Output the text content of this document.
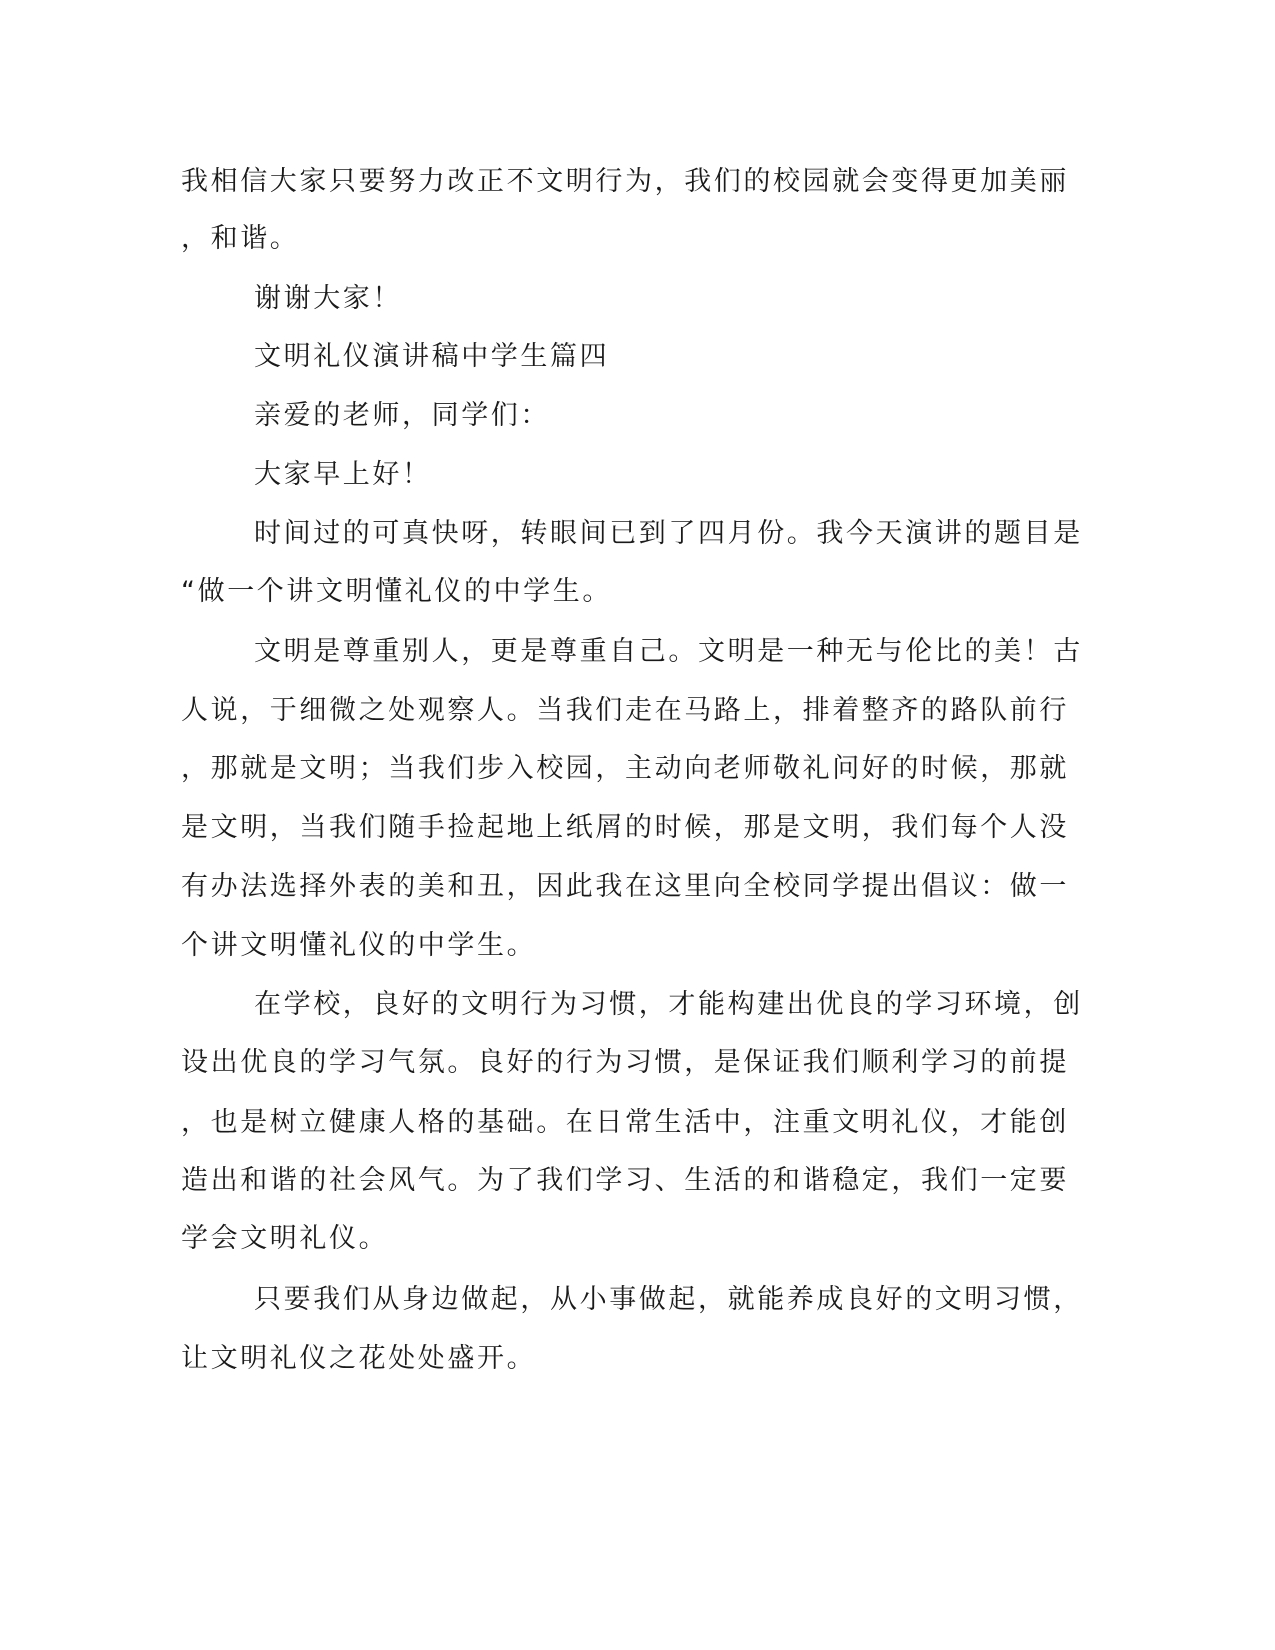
我相信大家只要努力改正不文明行为，我们的校园就会变得更加美丽
，和谐。
谢谢大家！
文明礼仪演讲稿中学生篇四
亲爱的老师，同学们：
大家早上好！
时间过的可真快呀，转眼间已到了四月份。我今天演讲的题目是
“做一个讲文明懂礼仪的中学生。
文明是尊重别人，更是尊重自己。文明是一种无与伦比的美！古
人说，于细微之处观察人。当我们走在马路上，排着整齐的路队前行
，那就是文明；当我们步入校园，主动向老师敬礼问好的时候，那就
是文明，当我们随手捡起地上纸屑的时候，那是文明，我们每个人没
有办法选择外表的美和丑，因此我在这里向全校同学提出倡议：做一
个讲文明懂礼仪的中学生。
在学校，良好的文明行为习惯，才能构建出优良的学习环境，创
设出优良的学习气氛。良好的行为习惯，是保证我们顺利学习的前提
，也是树立健康人格的基础。在日常生活中，注重文明礼仪，才能创
造出和谐的社会风气。为了我们学习、生活的和谐稳定，我们一定要
学会文明礼仪。
只要我们从身边做起，从小事做起，就能养成良好的文明习惯，
让文明礼仪之花处处盛开。
